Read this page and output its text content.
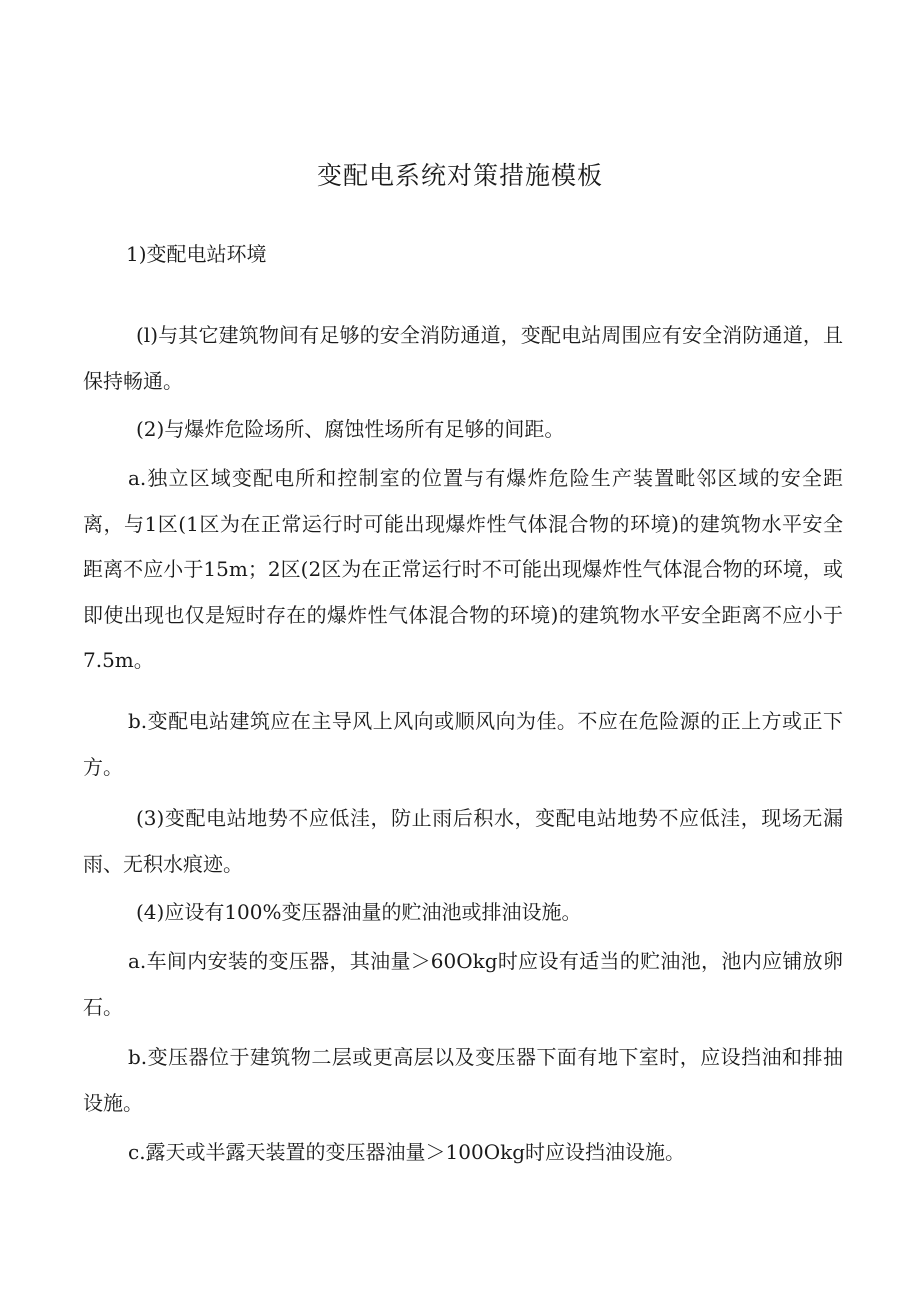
变配电系统对策措施模板
1)变配电站环境

(l)与其它建筑物间有足够的安全消防通道，变配电站周围应有安全消防通道，且保持畅通。

(2)与爆炸危险场所、腐蚀性场所有足够的间距。

a.独立区域变配电所和控制室的位置与有爆炸危险生产装置毗邻区域的安全距离，与1区(1区为在正常运行时可能出现爆炸性气体混合物的环境)的建筑物水平安全距离不应小于15m；2区(2区为在正常运行时不可能出现爆炸性气体混合物的环境，或即使出现也仅是短时存在的爆炸性气体混合物的环境)的建筑物水平安全距离不应小于7.5m。

b.变配电站建筑应在主导风上风向或顺风向为佳。不应在危险源的正上方或正下方。

(3)变配电站地势不应低洼，防止雨后积水，变配电站地势不应低洼，现场无漏雨、无积水痕迹。

(4)应设有100%变压器油量的贮油池或排油设施。

a.车间内安装的变压器，其油量＞60Okg时应设有适当的贮油池，池内应铺放卵石。

b.变压器位于建筑物二层或更高层以及变压器下面有地下室时，应设挡油和排抽设施。

c.露天或半露天装置的变压器油量＞100Okg时应设挡油设施。
